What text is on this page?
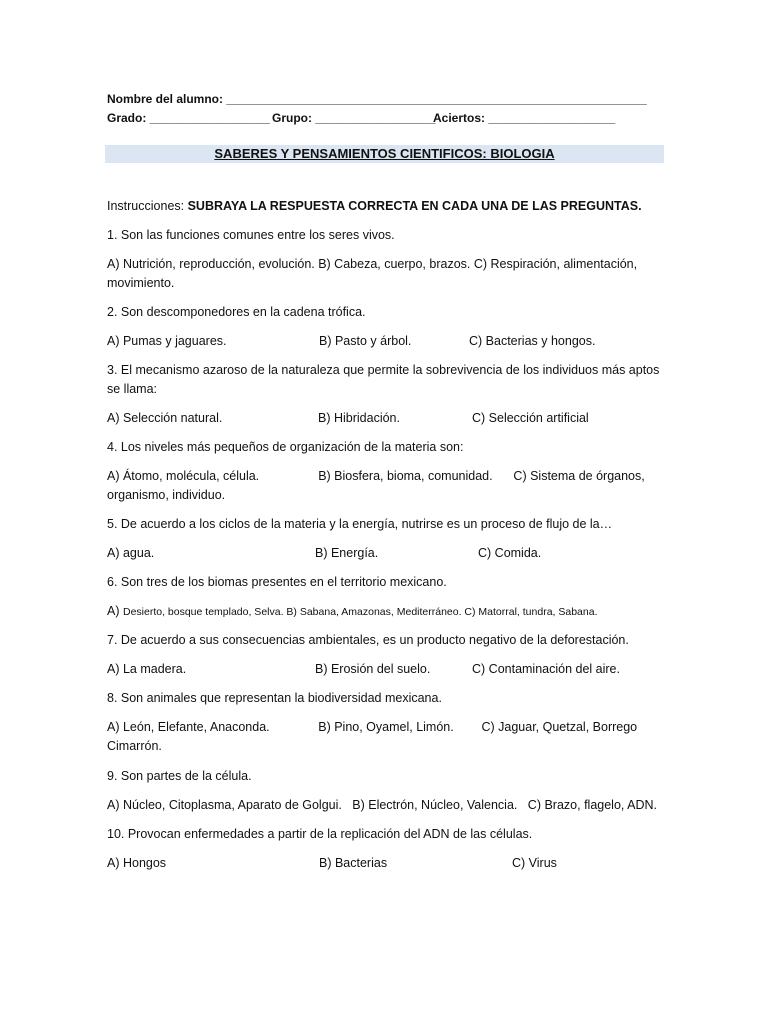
Nombre del alumno: _______________________________________________________________
Grado: __________________ Grupo: __________________
Aciertos: ___________________
SABERES Y PENSAMIENTOS CIENTIFICOS: BIOLOGIA
Instrucciones: SUBRAYA LA RESPUESTA CORRECTA EN CADA UNA DE LAS PREGUNTAS.
1. Son las funciones comunes entre los seres vivos.
A) Nutrición, reproducción, evolución. B) Cabeza, cuerpo, brazos. C) Respiración, alimentación, movimiento.
2. Son descomponedores en la cadena trófica.
A) Pumas y jaguares.	B) Pasto y árbol.	C) Bacterias y hongos.
3. El mecanismo azaroso de la naturaleza que permite la sobrevivencia de los individuos más aptos se llama:
A) Selección natural.	B) Hibridación.	C) Selección artificial
4. Los niveles más pequeños de organización de la materia son:
A) Átomo, molécula, célula.                 B) Biosfera, bioma, comunidad.      C) Sistema de órganos, organismo, individuo.
5. De acuerdo a los ciclos de la materia y la energía, nutrirse es un proceso de flujo de la…
A) agua.	B) Energía.	C) Comida.
6. Son tres de los biomas presentes en el territorio mexicano.
A) Desierto, bosque templado, Selva. B) Sabana, Amazonas, Mediterráneo. C) Matorral, tundra, Sabana.
7. De acuerdo a sus consecuencias ambientales, es un producto negativo de la deforestación.
A) La madera.	B) Erosión del suelo.	C) Contaminación del aire.
8. Son animales que representan la biodiversidad mexicana.
A) León, Elefante, Anaconda.              B) Pino, Oyamel, Limón.        C) Jaguar, Quetzal, Borrego Cimarrón.
9. Son partes de la célula.
A) Núcleo, Citoplasma, Aparato de Golgui.   B) Electrón, Núcleo, Valencia.   C) Brazo, flagelo, ADN.
10. Provocan enfermedades a partir de la replicación del ADN de las células.
A) Hongos	B) Bacterias	C) Virus
